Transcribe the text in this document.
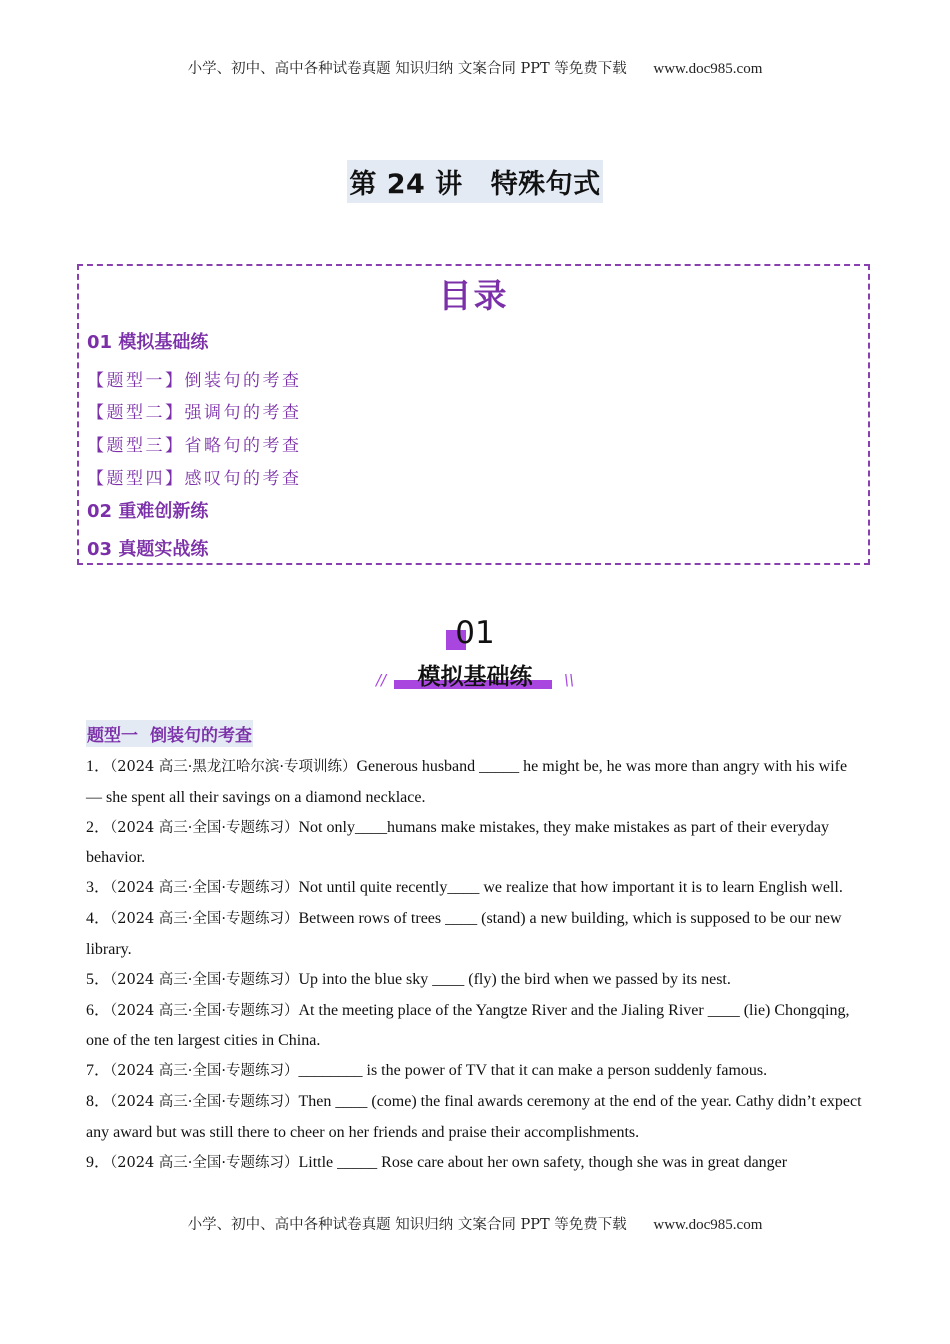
小学、初中、高中各种试卷真题 知识归纳 文案合同 PPT 等免费下载 www.doc985.com
第 24 讲 特殊句式
目录
01 模拟基础练
【题型一】倒装句的考查
【题型二】强调句的考查
【题型三】省略句的考查
【题型四】感叹句的考查
02 重难创新练
03 真题实战练
01
模拟基础练
//	\\
题型一 倒装句的考查
1．（2024 高三·黑龙江哈尔滨·专项训练）Generous husband _____ he might be, he was more than angry with his wife — she spent all their savings on a diamond necklace.
2．（2024 高三·全国·专题练习）Not only____humans make mistakes, they make mistakes as part of their everyday behavior.
3．（2024 高三·全国·专题练习）Not until quite recently____ we realize that how important it is to learn English well.
4．（2024 高三·全国·专题练习）Between rows of trees ____ (stand) a new building, which is supposed to be our new library.
5．（2024 高三·全国·专题练习）Up into the blue sky ____ (fly) the bird when we passed by its nest.
6．（2024 高三·全国·专题练习）At the meeting place of the Yangtze River and the Jialing River ____ (lie) Chongqing, one of the ten largest cities in China.
7．（2024 高三·全国·专题练习）________ is the power of TV that it can make a person suddenly famous.
8．（2024 高三·全国·专题练习）Then ____ (come) the final awards ceremony at the end of the year. Cathy didn’t expect any award but was still there to cheer on her friends and praise their accomplishments.
9．（2024 高三·全国·专题练习）Little _____ Rose care about her own safety, though she was in great danger
小学、初中、高中各种试卷真题 知识归纳 文案合同 PPT 等免费下载 www.doc985.com
